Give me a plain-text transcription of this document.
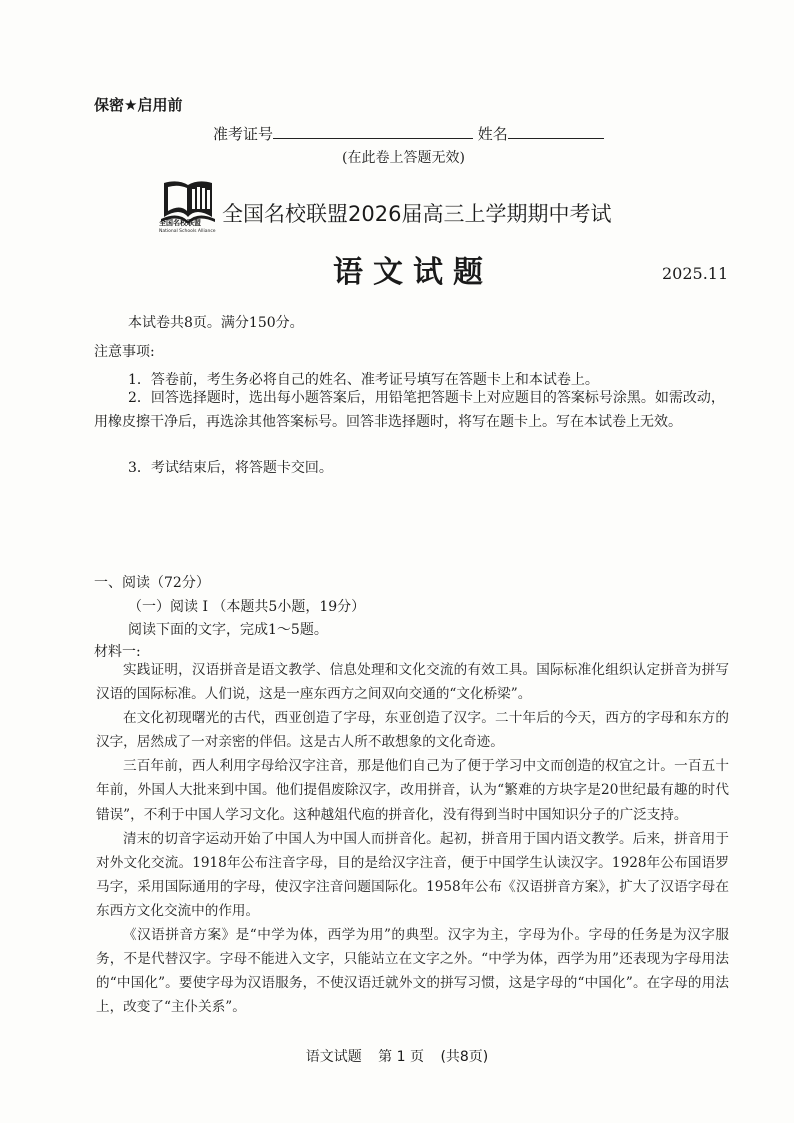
保密★启用前
准考证号	姓名
(在此卷上答题无效)
全国名校联盟
National Schools Alliance
全国名校联盟2026届高三上学期期中考试
语文试题	2025.11
本试卷共8页。满分150分。
注意事项:
1．答卷前，考生务必将自己的姓名、准考证号填写在答题卡上和本试卷上。
2．回答选择题时，选出每小题答案后，用铅笔把答题卡上对应题目的答案标号涂黑。如需改动，用橡皮擦干净后，再选涂其他答案标号。回答非选择题时，将写在题卡上。写在本试卷上无效。
3．考试结束后，将答题卡交回。
一、阅读（72分）
（一）阅读 I （本题共5小题，19分）
阅读下面的文字，完成1～5题。
材料一:

实践证明，汉语拼音是语文教学、信息处理和文化交流的有效工具。国际标准化组织认定拼音为拼写汉语的国际标准。人们说，这是一座东西方之间双向交通的“文化桥梁”。

在文化初现曙光的古代，西亚创造了字母，东亚创造了汉字。二十年后的今天，西方的字母和东方的汉字，居然成了一对亲密的伴侣。这是古人所不敢想象的文化奇迹。

三百年前，西人利用字母给汉字注音，那是他们自己为了便于学习中文而创造的权宜之计。一百五十年前，外国人大批来到中国。他们提倡废除汉字，改用拼音，认为“繁难的方块字是20世纪最有趣的时代错误”，不利于中国人学习文化。这种越俎代庖的拼音化，没有得到当时中国知识分子的广泛支持。

清末的切音字运动开始了中国人为中国人而拼音化。起初，拼音用于国内语文教学。后来，拼音用于对外文化交流。1918年公布注音字母，目的是给汉字注音，便于中国学生认读汉字。1928年公布国语罗马字，采用国际通用的字母，使汉字注音问题国际化。1958年公布《汉语拼音方案》，扩大了汉语字母在东西方文化交流中的作用。

《汉语拼音方案》是“中学为体，西学为用”的典型。汉字为主，字母为仆。字母的任务是为汉字服务，不是代替汉字。字母不能进入文字，只能站立在文字之外。“中学为体，西学为用”还表现为字母用法的“中国化”。要使字母为汉语服务，不使汉语迁就外文的拼写习惯，这是字母的“中国化”。在字母的用法上，改变了“主仆关系”。

语文试题 第 1 页 (共8页)
